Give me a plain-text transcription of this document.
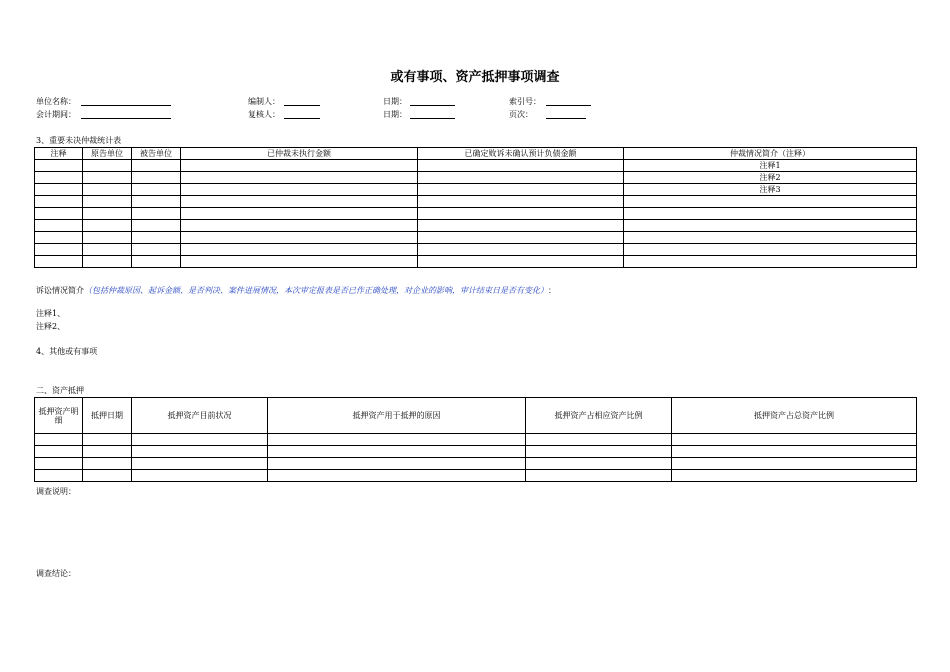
或有事项、资产抵押事项调查
单位名称：	编制人：	日期：	索引号：
会计期间：	复核人：	日期：	页次：
3、重要未决仲裁统计表
注释	原告单位	被告单位	已仲裁未执行金额	已确定败诉未确认预计负债金额	仲裁情况简介（注释）
					注释1
					注释2
					注释3

诉讼情况简介（包括仲裁原因、起诉金额、是否判决、案件进展情况，本次审定报表是否已作正确处理，对企业的影响，审计结束日是否有变化）：
注释1、
注释2、
4、其他或有事项
二、资产抵押
抵押资产明细	抵押日期	抵押资产目前状况	抵押资产用于抵押的原因	抵押资产占相应资产比例	抵押资产占总资产比例

调查说明：
调查结论：
